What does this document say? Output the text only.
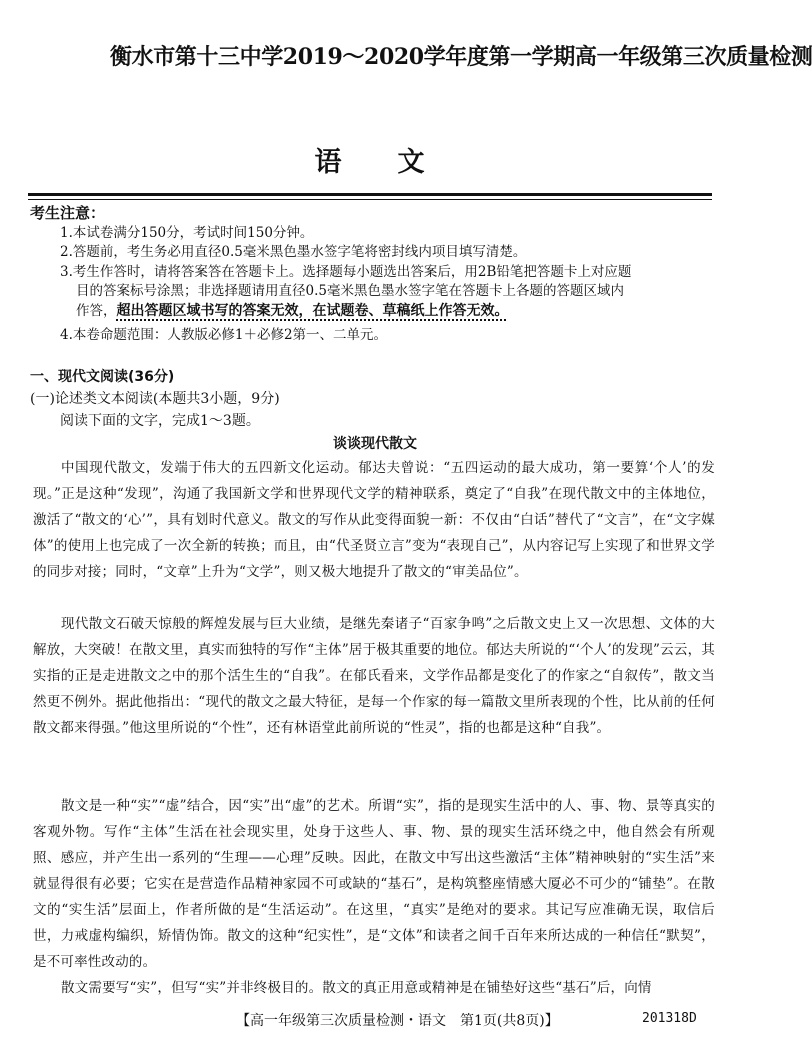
衡水市第十三中学2019～2020学年度第一学期高一年级第三次质量检测
语文
考生注意：
1.本试卷满分150分，考试时间150分钟。
2.答题前，考生务必用直径0.5毫米黑色墨水签字笔将密封线内项目填写清楚。
3.考生作答时，请将答案答在答题卡上。选择题每小题选出答案后，用2B铅笔把答题卡上对应题
目的答案标号涂黑；非选择题请用直径0.5毫米黑色墨水签字笔在答题卡上各题的答题区域内
作答，超出答题区域书写的答案无效，在试题卷、草稿纸上作答无效。
4.本卷命题范围：人教版必修1＋必修2第一、二单元。
一、现代文阅读(36分)
(一)论述类文本阅读(本题共3小题，9分)
阅读下面的文字，完成1～3题。
谈谈现代散文
中国现代散文，发端于伟大的五四新文化运动。郁达夫曾说：“五四运动的最大成功，第一要算‘个人’的发现。”正是这种“发现”，沟通了我国新文学和世界现代文学的精神联系，奠定了“自我”在现代散文中的主体地位，激活了“散文的‘心’”，具有划时代意义。散文的写作从此变得面貌一新：不仅由“白话”替代了“文言”，在“文字媒体”的使用上也完成了一次全新的转换；而且，由“代圣贤立言”变为“表现自己”，从内容记写上实现了和世界文学的同步对接；同时，“文章”上升为“文学”，则又极大地提升了散文的“审美品位”。
现代散文石破天惊般的辉煌发展与巨大业绩，是继先秦诸子“百家争鸣”之后散文史上又一次思想、文体的大解放，大突破！在散文里，真实而独特的写作“主体”居于极其重要的地位。郁达夫所说的“‘个人’的发现”云云，其实指的正是走进散文之中的那个活生生的“自我”。在郁氏看来，文学作品都是变化了的作家之“自叙传”，散文当然更不例外。据此他指出：“现代的散文之最大特征，是每一个作家的每一篇散文里所表现的个性，比从前的任何散文都来得强。”他这里所说的“个性”，还有林语堂此前所说的“性灵”，指的也都是这种“自我”。
散文是一种“实”“虚”结合，因“实”出“虚”的艺术。所谓“实”，指的是现实生活中的人、事、物、景等真实的客观外物。写作“主体”生活在社会现实里，处身于这些人、事、物、景的现实生活环绕之中，他自然会有所观照、感应，并产生出一系列的“生理——心理”反映。因此，在散文中写出这些激活“主体”精神映射的“实生活”来就显得很有必要；它实在是营造作品精神家园不可或缺的“基石”，是构筑整座情感大厦必不可少的“铺垫”。在散文的“实生活”层面上，作者所做的是“生活运动”。在这里，“真实”是绝对的要求。其记写应准确无误，取信后世，力戒虚构编织，矫情伪饰。散文的这种“纪实性”，是“文体”和读者之间千百年来所达成的一种信任“默契”，是不可率性改动的。
散文需要写“实”，但写“实”并非终极目的。散文的真正用意或精神是在铺垫好这些“基石”后，向情
【高一年级第三次质量检测・语文　第1页(共8页)】	201318D
